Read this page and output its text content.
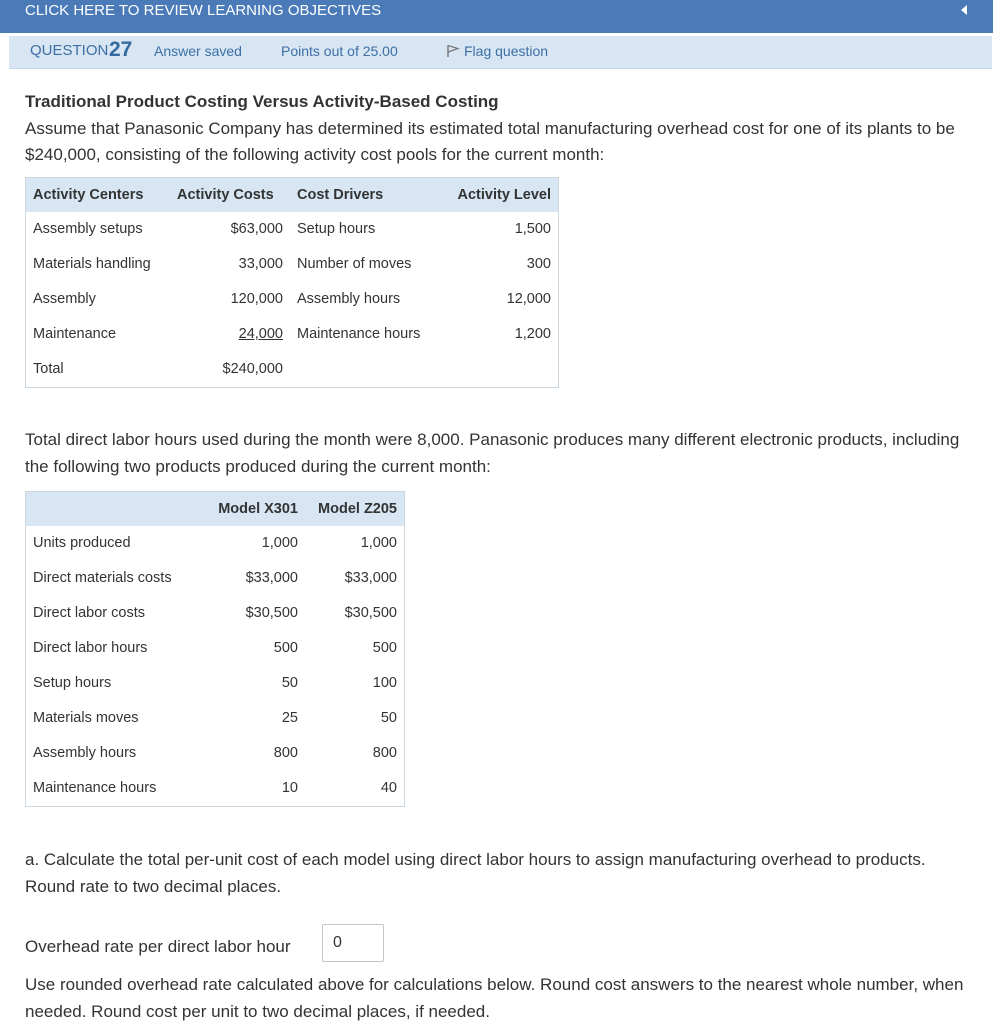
CLICK HERE TO REVIEW LEARNING OBJECTIVES
QUESTION 27 Answer saved	Points out of 25.00	Flag question

Traditional Product Costing Versus Activity-Based Costing

Assume that Panasonic Company has determined its estimated total manufacturing overhead cost for one of its plants to be $240,000, consisting of the following activity cost pools for the current month:

Activity Centers	Activity Costs	Cost Drivers	Activity Level
Assembly setups	$63,000	Setup hours	1,500
Materials handling	33,000	Number of moves	300
Assembly	120,000	Assembly hours	12,000
Maintenance	24,000	Maintenance hours	1,200
Total	$240,000		

Total direct labor hours used during the month were 8,000. Panasonic produces many different electronic products, including the following two products produced during the current month:

	Model X301	Model Z205
Units produced	1,000	1,000
Direct materials costs	$33,000	$33,000
Direct labor costs	$30,500	$30,500
Direct labor hours	500	500
Setup hours	50	100
Materials moves	25	50
Assembly hours	800	800
Maintenance hours	10	40

a. Calculate the total per-unit cost of each model using direct labor hours to assign manufacturing overhead to products.

Round rate to two decimal places.

Overhead rate per direct labor hour
0

Use rounded overhead rate calculated above for calculations below. Round cost answers to the nearest whole number, when needed. Round cost per unit to two decimal places, if needed.
